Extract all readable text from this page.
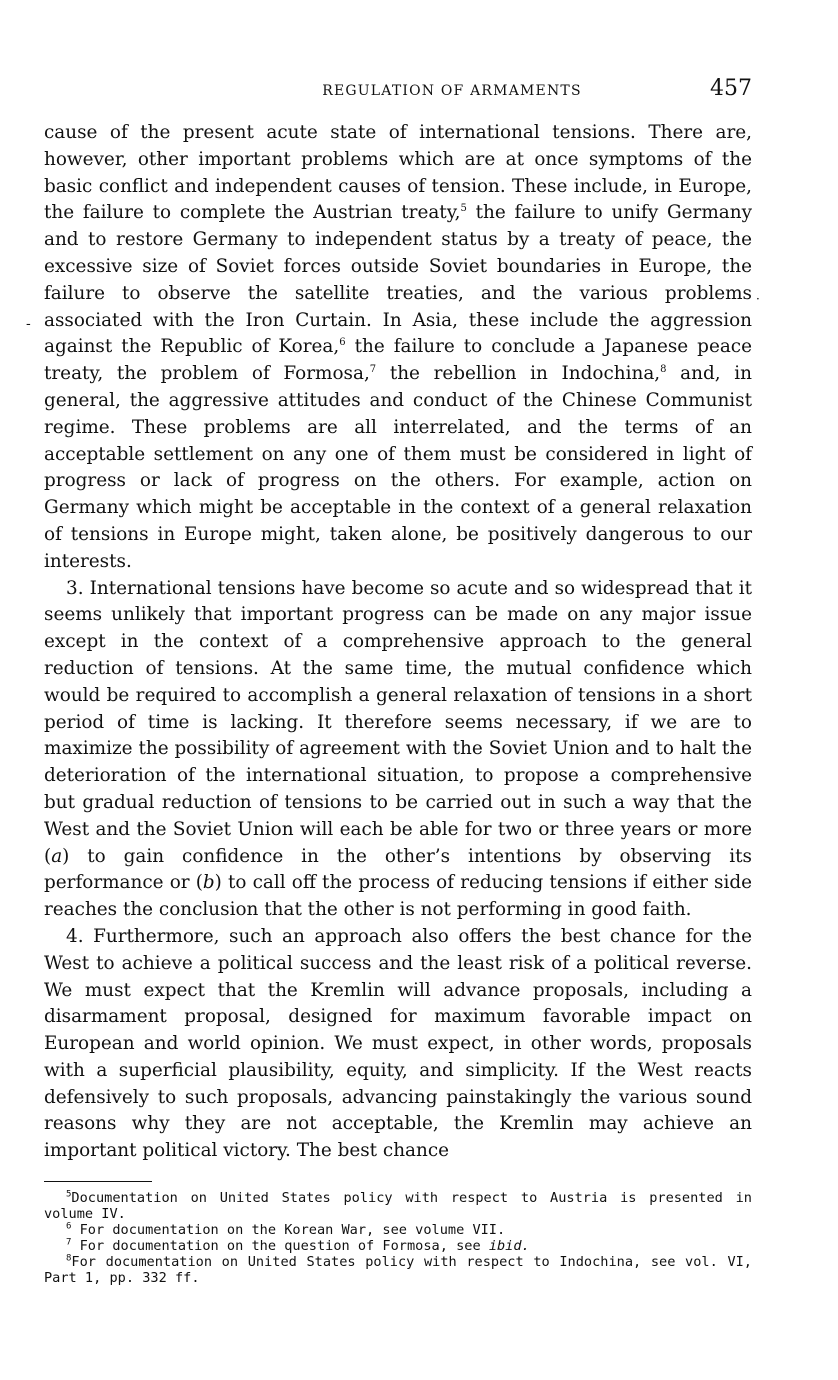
-
·
REGULATION OF ARMAMENTS	457

cause of the present acute state of international tensions. There are, however, other important problems which are at once symptoms of the basic conflict and independent causes of tension. These include, in Europe, the failure to complete the Austrian treaty,$^5$ the failure to unify Germany and to restore Germany to independent status by a treaty of peace, the excessive size of Soviet forces outside Soviet boundaries in Europe, the failure to observe the satellite treaties, and the various problems associated with the Iron Curtain. In Asia, these include the aggression against the Republic of Korea,$^6$ the failure to conclude a Japanese peace treaty, the problem of Formosa,$^7$ the rebellion in Indochina,$^8$ and, in general, the aggressive attitudes and conduct of the Chinese Communist regime. These problems are all interrelated, and the terms of an acceptable settlement on any one of them must be considered in light of progress or lack of progress on the others. For example, action on Germany which might be acceptable in the context of a general relaxation of tensions in Europe might, taken alone, be positively dangerous to our interests.

3. International tensions have become so acute and so widespread that it seems unlikely that important progress can be made on any major issue except in the context of a comprehensive approach to the general reduction of tensions. At the same time, the mutual confidence which would be required to accomplish a general relaxation of tensions in a short period of time is lacking. It therefore seems necessary, if we are to maximize the possibility of agreement with the Soviet Union and to halt the deterioration of the international situation, to propose a comprehensive but gradual reduction of tensions to be carried out in such a way that the West and the Soviet Union will each be able for two or three years or more (a) to gain confidence in the other’s intentions by observing its performance or (b) to call off the process of reducing tensions if either side reaches the conclusion that the other is not performing in good faith.

4. Furthermore, such an approach also offers the best chance for the West to achieve a political success and the least risk of a political reverse. We must expect that the Kremlin will advance proposals, including a disarmament proposal, designed for maximum favorable impact on European and world opinion. We must expect, in other words, proposals with a superficial plausibility, equity, and simplicity. If the West reacts defensively to such proposals, advancing painstakingly the various sound reasons why they are not acceptable, the Kremlin may achieve an important political victory. The best chance

$^5$Documentation on United States policy with respect to Austria is presented in volume IV.

$^6$ For documentation on the Korean War, see volume VII.

$^7$ For documentation on the question of Formosa, see ibid.

$^8$For documentation on United States policy with respect to Indochina, see vol. VI, Part 1, pp. 332 ff.
